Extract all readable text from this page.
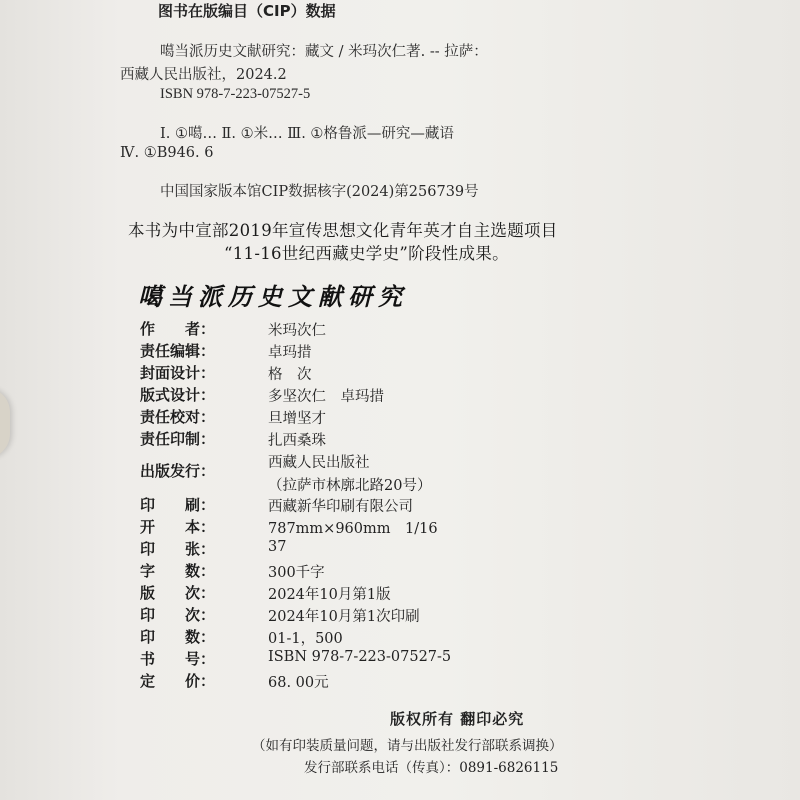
图书在版编目（CIP）数据
噶当派历史文献研究：藏文 / 米玛次仁著. -- 拉萨：
西藏人民出版社，2024.2
ISBN 978-7-223-07527-5
Ⅰ. ①噶… Ⅱ. ①米… Ⅲ. ①格鲁派—研究—藏语
Ⅳ. ①B946. 6
中国国家版本馆CIP数据核字(2024)第256739号
本书为中宣部2019年宣传思想文化青年英才自主选题项目
“11-16世纪西藏史学史”阶段性成果。
噶当派历史文献研究
作　　者：	米玛次仁
责任编辑：	卓玛措
封面设计：	格　次
版式设计：	多坚次仁　卓玛措
责任校对：	旦增坚才
责任印制：	扎西桑珠
出版发行：	西藏人民出版社
（拉萨市林廓北路20号）
印　　刷：	西藏新华印刷有限公司
开　　本：	787mm×960mm　1/16
印　　张：	37
字　　数：	300千字
版　　次：	2024年10月第1版
印　　次：	2024年10月第1次印刷
印　　数：	01-1，500
书　　号：	ISBN 978-7-223-07527-5
定　　价：	68. 00元
版权所有 翻印必究
（如有印装质量问题，请与出版社发行部联系调换）
发行部联系电话（传真）：0891-6826115
